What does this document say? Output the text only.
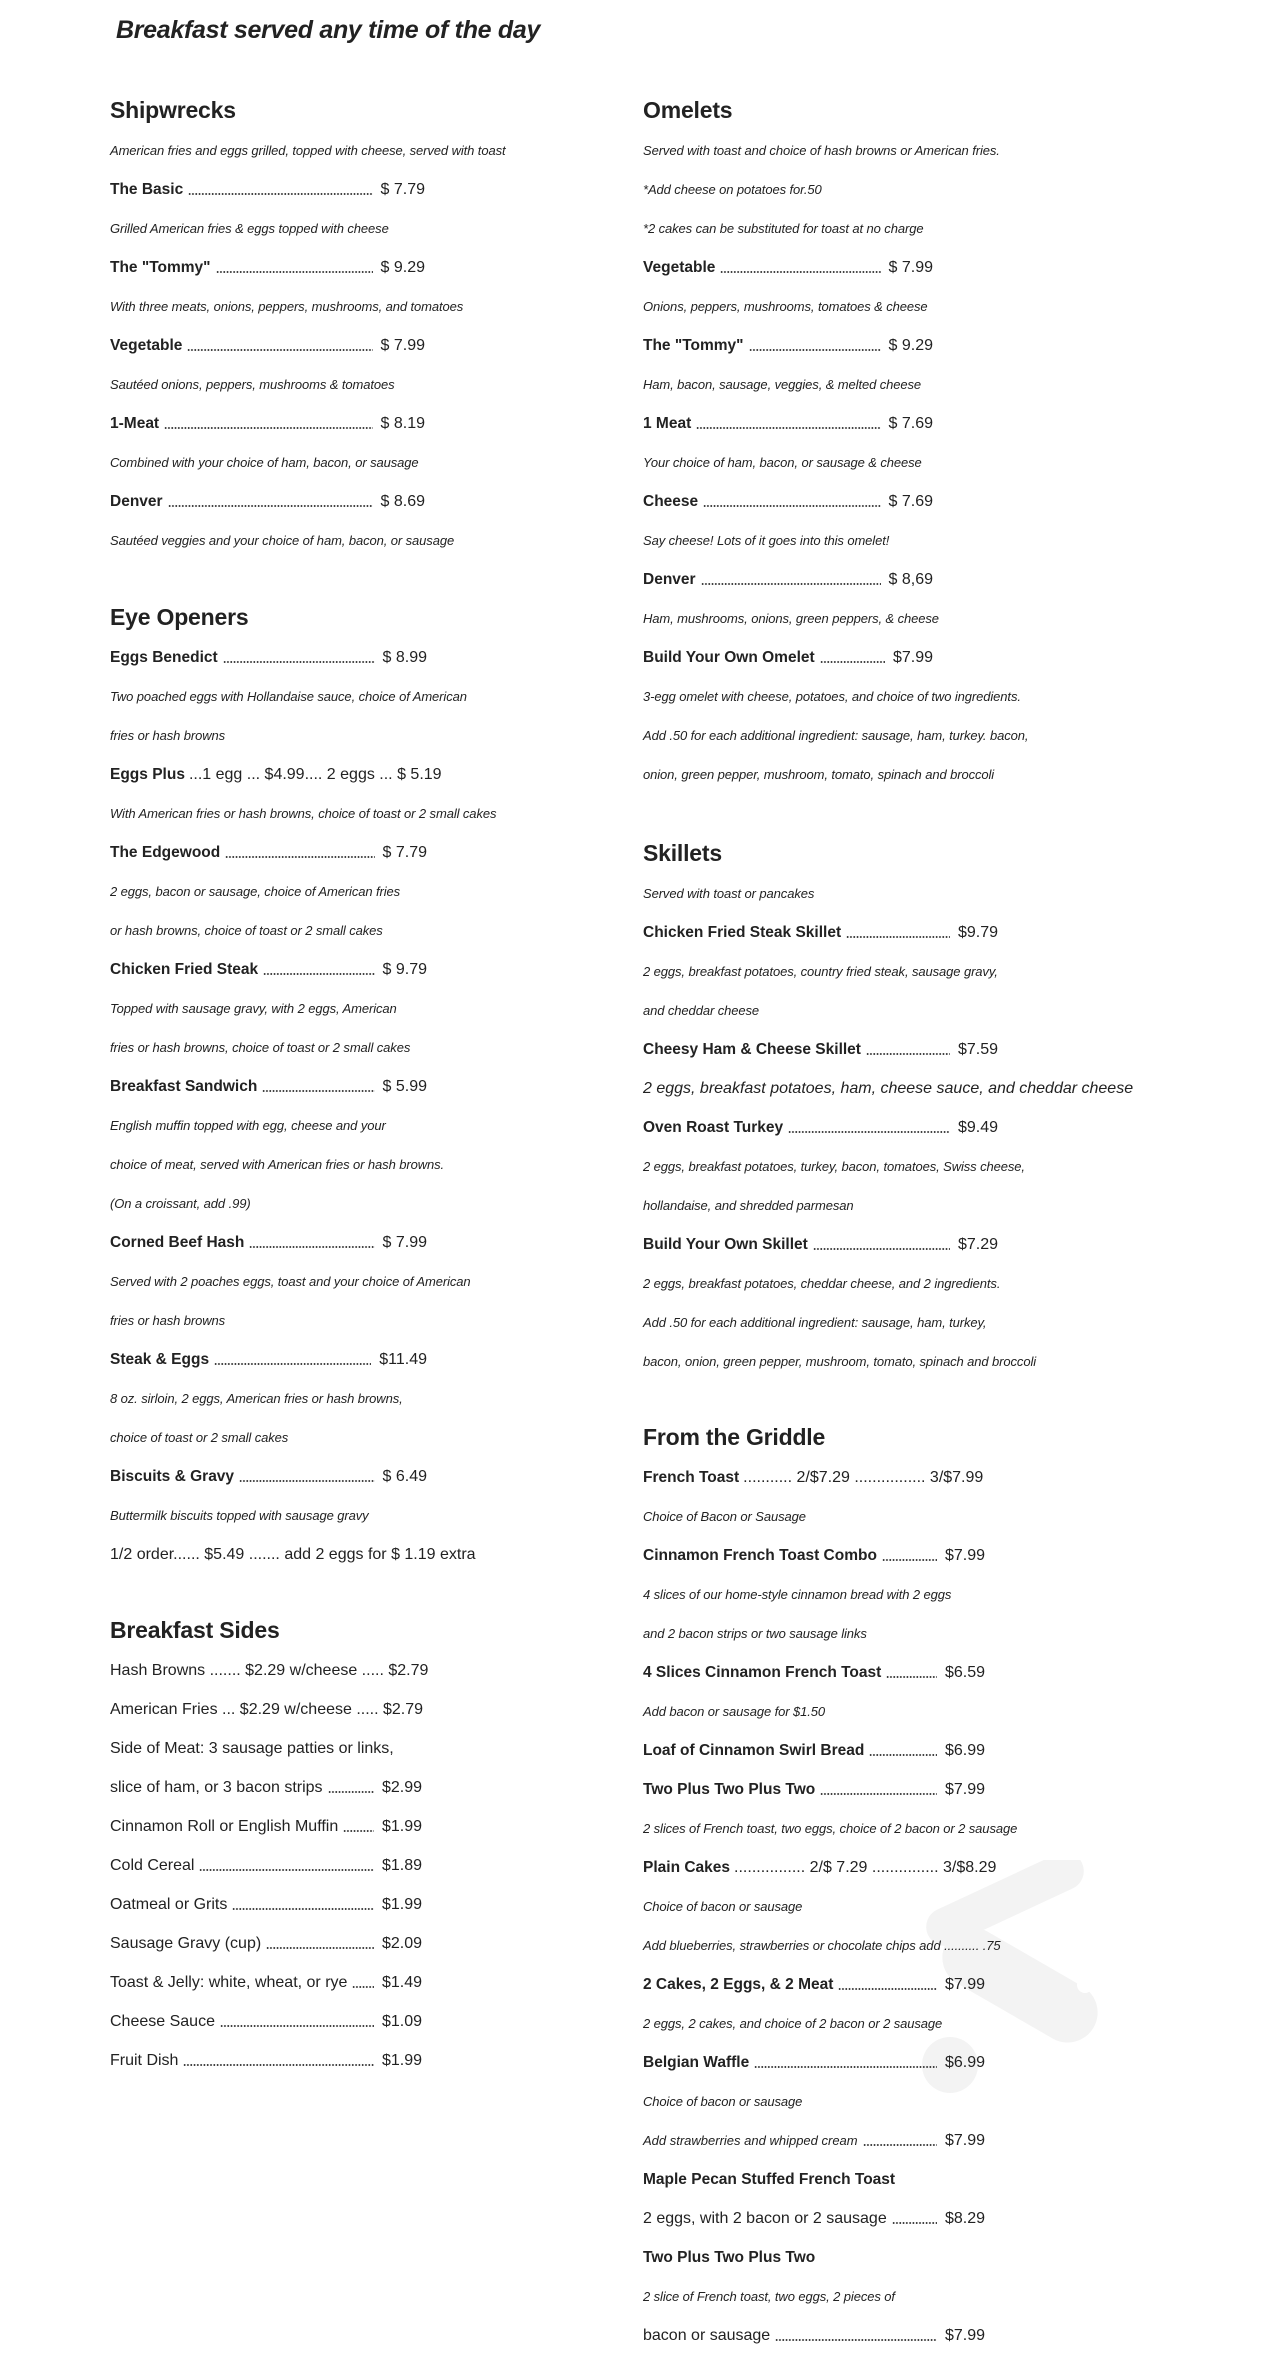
Breakfast served any time of the day
Shipwrecks
American fries and eggs grilled, topped with cheese, served with toast
The Basic	$ 7.79
Grilled American fries & eggs topped with cheese
The "Tommy"	$ 9.29
With three meats, onions, peppers, mushrooms, and tomatoes
Vegetable	$ 7.99
Sautéed onions, peppers, mushrooms & tomatoes
1-Meat	$ 8.19
Combined with your choice of ham, bacon, or sausage
Denver	$ 8.69
Sautéed veggies and your choice of ham, bacon, or sausage
Eye Openers
Eggs Benedict	$ 8.99
Two poached eggs with Hollandaise sauce, choice of American
fries or hash browns
Eggs Plus ...1 egg ... $4.99.... 2 eggs ... $ 5.19
With American fries or hash browns, choice of toast or 2 small cakes
The Edgewood	$ 7.79
2 eggs, bacon or sausage, choice of American fries
or hash browns, choice of toast or 2 small cakes
Chicken Fried Steak	$ 9.79
Topped with sausage gravy, with 2 eggs, American
fries or hash browns, choice of toast or 2 small cakes
Breakfast Sandwich	$ 5.99
English muffin topped with egg, cheese and your
choice of meat, served with American fries or hash browns.
(On a croissant, add .99)
Corned Beef Hash	$ 7.99
Served with 2 poaches eggs, toast and your choice of American
fries or hash browns
Steak & Eggs	$11.49
8 oz. sirloin, 2 eggs, American fries or hash browns,
choice of toast or 2 small cakes
Biscuits & Gravy	$ 6.49
Buttermilk biscuits topped with sausage gravy
1/2 order...... $5.49 ....... add 2 eggs for $ 1.19 extra
Breakfast Sides
Hash Browns ....... $2.29 w/cheese ..... $2.79
American Fries ... $2.29 w/cheese ..... $2.79
Side of Meat: 3 sausage patties or links,
slice of ham, or 3 bacon strips	$2.99
Cinnamon Roll or English Muffin	$1.99
Cold Cereal	$1.89
Oatmeal or Grits	$1.99
Sausage Gravy (cup)	$2.09
Toast & Jelly: white, wheat, or rye	$1.49
Cheese Sauce	$1.09
Fruit Dish	$1.99
Omelets
Served with toast and choice of hash browns or American fries.
*Add cheese on potatoes for.50
*2 cakes can be substituted for toast at no charge
Vegetable	$ 7.99
Onions, peppers, mushrooms, tomatoes & cheese
The "Tommy"	$ 9.29
Ham, bacon, sausage, veggies, & melted cheese
1 Meat	$ 7.69
Your choice of ham, bacon, or sausage & cheese
Cheese	$ 7.69
Say cheese! Lots of it goes into this omelet!
Denver	$ 8,69
Ham, mushrooms, onions, green peppers, & cheese
Build Your Own Omelet	$7.99
3-egg omelet with cheese, potatoes, and choice of two ingredients.
Add .50 for each additional ingredient: sausage, ham, turkey. bacon,
onion, green pepper, mushroom, tomato, spinach and broccoli
Skillets
Served with toast or pancakes
Chicken Fried Steak Skillet	$9.79
2 eggs, breakfast potatoes, country fried steak, sausage gravy,
and cheddar cheese
Cheesy Ham & Cheese Skillet	$7.59
2 eggs, breakfast potatoes, ham, cheese sauce, and cheddar cheese
Oven Roast Turkey	$9.49
2 eggs, breakfast potatoes, turkey, bacon, tomatoes, Swiss cheese,
hollandaise, and shredded parmesan
Build Your Own Skillet	$7.29
2 eggs, breakfast potatoes, cheddar cheese, and 2 ingredients.
Add .50 for each additional ingredient: sausage, ham, turkey,
bacon, onion, green pepper, mushroom, tomato, spinach and broccoli
From the Griddle
French Toast ........... 2/$7.29 ................ 3/$7.99
Choice of Bacon or Sausage
Cinnamon French Toast Combo	$7.99
4 slices of our home-style cinnamon bread with 2 eggs
and 2 bacon strips or two sausage links
4 Slices Cinnamon French Toast	$6.59
Add bacon or sausage for $1.50
Loaf of Cinnamon Swirl Bread	$6.99
Two Plus Two Plus Two	$7.99
2 slices of French toast, two eggs, choice of 2 bacon or 2 sausage
Plain Cakes ................ 2/$ 7.29 ............... 3/$8.29
Choice of bacon or sausage
Add blueberries, strawberries or chocolate chips add .......... .75
2 Cakes, 2 Eggs, & 2 Meat	$7.99
2 eggs, 2 cakes, and choice of 2 bacon or 2 sausage
Belgian Waffle	$6.99
Choice of bacon or sausage
Add strawberries and whipped cream	$7.99
Maple Pecan Stuffed French Toast
2 eggs, with 2 bacon or 2 sausage	$8.29
Two Plus Two Plus Two
2 slice of French toast, two eggs, 2 pieces of
bacon or sausage	$7.99
